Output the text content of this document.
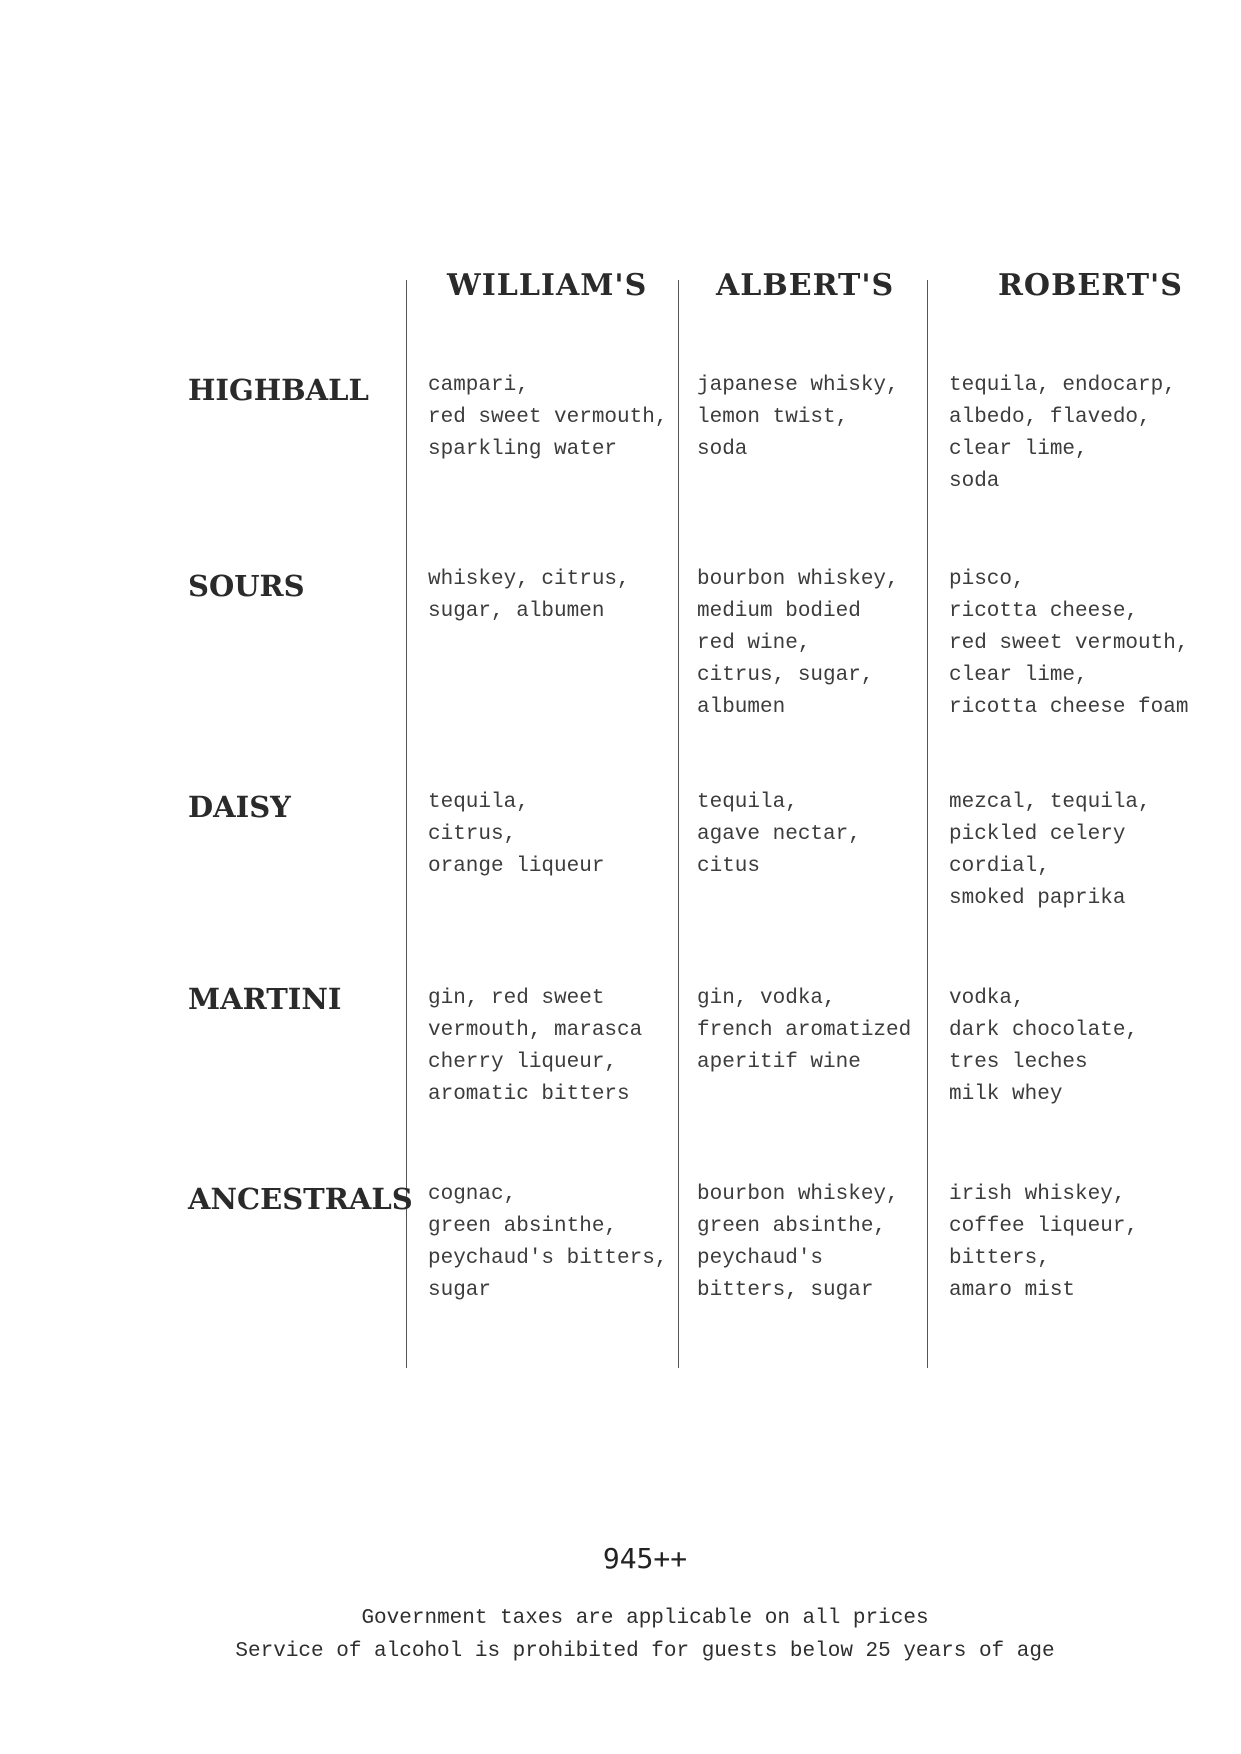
WILLIAM'S ALBERT'S	ROBERT'S
HIGHBALL
SOURS
DAISY
MARTINI
ANCESTRALS
campari,
red sweet vermouth,
sparkling water
japanese whisky,
lemon twist,
soda
tequila, endocarp,
albedo, flavedo,
clear lime,
soda
whiskey, citrus,
sugar, albumen
bourbon whiskey,
medium bodied
red wine,
citrus, sugar,
albumen
pisco,
ricotta cheese,
red sweet vermouth,
clear lime,
ricotta cheese foam
tequila,
citrus,
orange liqueur
tequila,
agave nectar,
citus
mezcal, tequila,
pickled celery
cordial,
smoked paprika
gin, red sweet
vermouth, marasca
cherry liqueur,
aromatic bitters
gin, vodka,
french aromatized
aperitif wine
vodka,
dark chocolate,
tres leches
milk whey
cognac,
green absinthe,
peychaud's bitters,
sugar
bourbon whiskey,
green absinthe,
peychaud's
bitters, sugar
irish whiskey,
coffee liqueur,
bitters,
amaro mist
945++
Government taxes are applicable on all prices
Service of alcohol is prohibited for guests below 25 years of age
